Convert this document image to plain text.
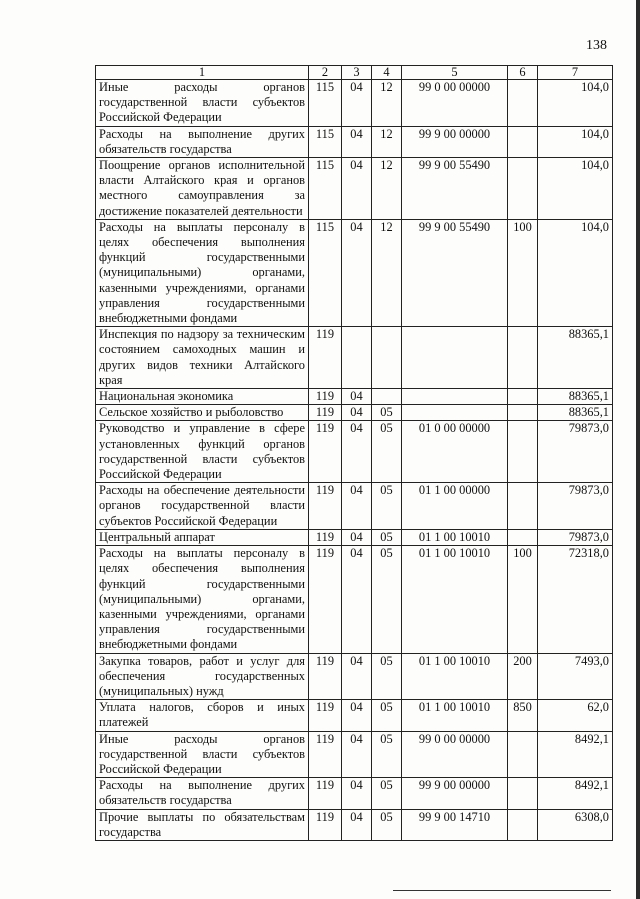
138
1	2	3	4	5	6	7
Иные расходы органов государственной власти субъектов Российской Федерации	115	04	12	99 0 00 00000		104,0
Расходы на выполнение других обязательств государства	115	04	12	99 9 00 00000		104,0
Поощрение органов исполнительной власти Алтайского края и органов местного самоуправления за достижение показателей деятельности	115	04	12	99 9 00 55490		104,0
Расходы на выплаты персоналу в целях обеспечения выполнения функций государственными (муниципальными) органами, казенными учреждениями, органами управления государственными внебюджетными фондами	115	04	12	99 9 00 55490	100	104,0
Инспекция по надзору за техническим состоянием самоходных машин и других видов техники Алтайского края	119					88365,1
Национальная экономика	119	04				88365,1
Сельское хозяйство и рыболовство	119	04	05			88365,1
Руководство и управление в сфере установленных функций органов государственной власти субъектов Российской Федерации	119	04	05	01 0 00 00000		79873,0
Расходы на обеспечение деятельности органов государственной власти субъектов Российской Федерации	119	04	05	01 1 00 00000		79873,0
Центральный аппарат	119	04	05	01 1 00 10010		79873,0
Расходы на выплаты персоналу в целях обеспечения выполнения функций государственными (муниципальными) органами, казенными учреждениями, органами управления государственными внебюджетными фондами	119	04	05	01 1 00 10010	100	72318,0
Закупка товаров, работ и услуг для обеспечения государственных (муниципальных) нужд	119	04	05	01 1 00 10010	200	7493,0
Уплата налогов, сборов и иных платежей	119	04	05	01 1 00 10010	850	62,0
Иные расходы органов государственной власти субъектов Российской Федерации	119	04	05	99 0 00 00000		8492,1
Расходы на выполнение других обязательств государства	119	04	05	99 9 00 00000		8492,1
Прочие выплаты по обязательствам государства	119	04	05	99 9 00 14710		6308,0
